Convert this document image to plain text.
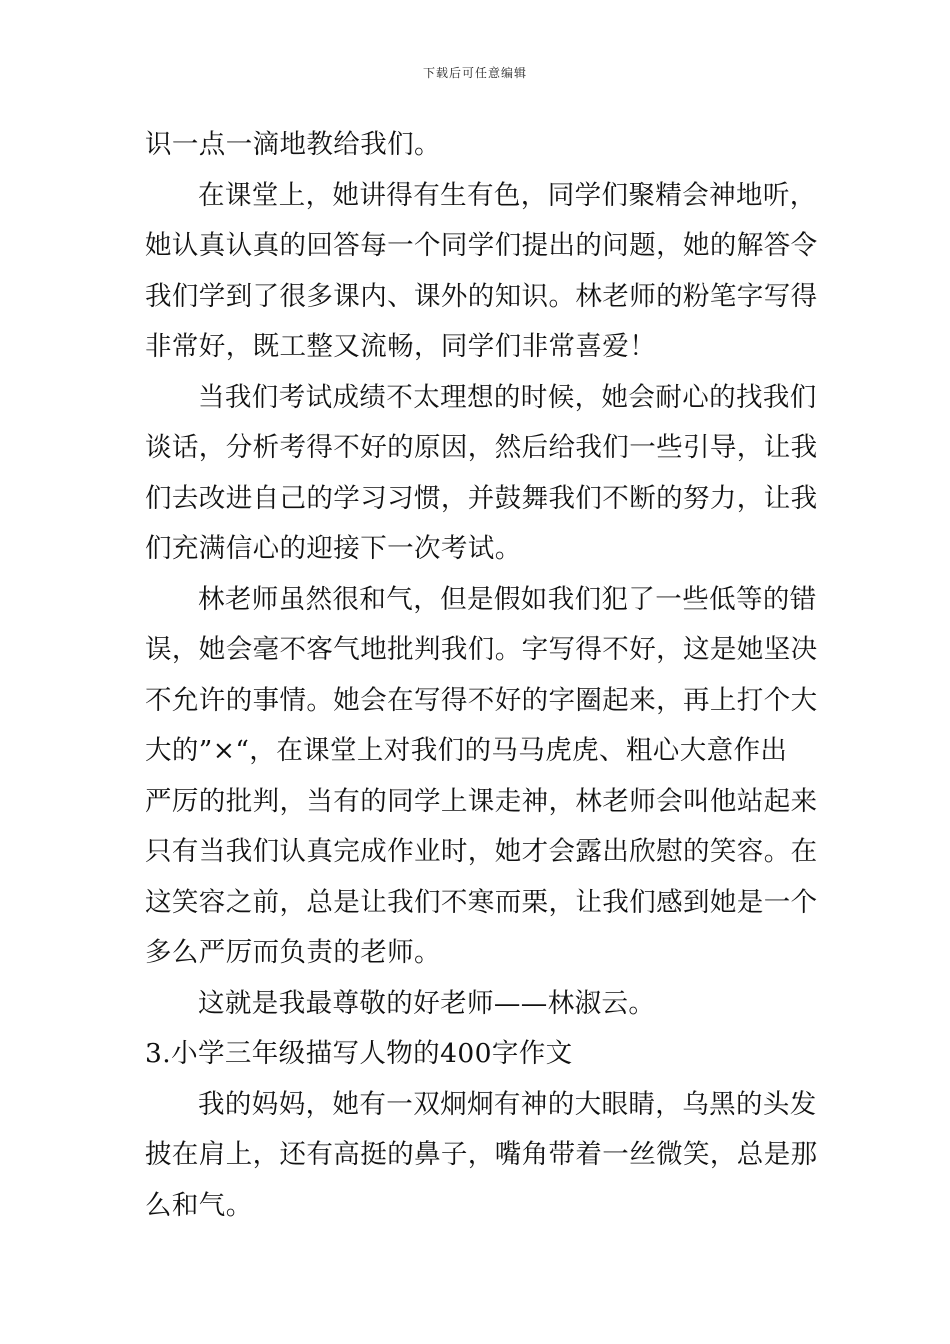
下载后可任意编辑
识一点一滴地教给我们。
在课堂上，她讲得有生有色，同学们聚精会神地听，
她认真认真的回答每一个同学们提出的问题，她的解答令
我们学到了很多课内、课外的知识。林老师的粉笔字写得
非常好，既工整又流畅，同学们非常喜爱！
当我们考试成绩不太理想的时候，她会耐心的找我们
谈话，分析考得不好的原因，然后给我们一些引导，让我
们去改进自己的学习习惯，并鼓舞我们不断的努力，让我
们充满信心的迎接下一次考试。
林老师虽然很和气，但是假如我们犯了一些低等的错
误，她会毫不客气地批判我们。字写得不好，这是她坚决
不允许的事情。她会在写得不好的字圈起来，再上打个大
大的”×“，在课堂上对我们的马马虎虎、粗心大意作出
严厉的批判，当有的同学上课走神，林老师会叫他站起来
只有当我们认真完成作业时，她才会露出欣慰的笑容。在
这笑容之前，总是让我们不寒而栗，让我们感到她是一个
多么严厉而负责的老师。
这就是我最尊敬的好老师——林淑云。
3.小学三年级描写人物的400字作文
我的妈妈，她有一双炯炯有神的大眼睛，乌黑的头发
披在肩上，还有高挺的鼻子，嘴角带着一丝微笑，总是那
么和气。
